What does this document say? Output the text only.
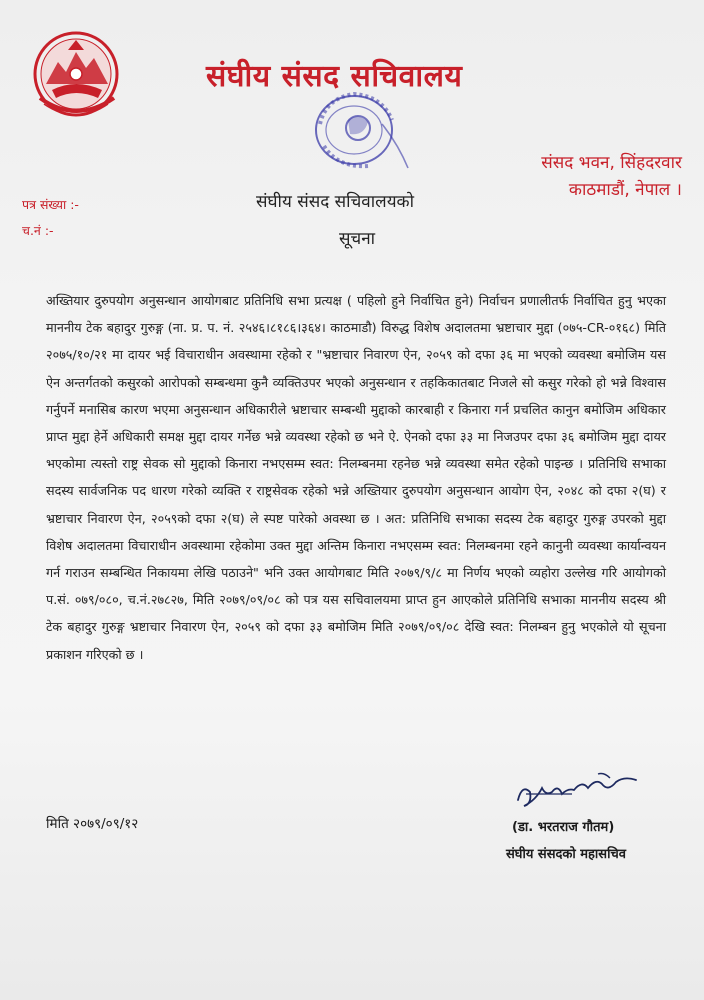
संघीय संसद सचिवालय
संसद भवन, सिंहदरवार
काठमाडौं, नेपाल ।
पत्र संख्या :-
च.नं :-
संघीय संसद सचिवालयको
सूचना

अख्तियार दुरुपयोग अनुसन्धान आयोगबाट प्रतिनिधि सभा प्रत्यक्ष ( पहिलो हुने निर्वाचित हुने) निर्वाचन प्रणालीतर्फ निर्वाचित हुनु भएका माननीय टेक बहादुर गुरुङ्ग (ना. प्र. प. नं. २५४६।८१८६।३६४। काठमाडौ) विरुद्ध विशेष अदालतमा भ्रष्टाचार मुद्दा (०७५-CR-०१६८) मिति २०७५/१०/२१ मा दायर भई विचाराधीन अवस्थामा रहेको र "भ्रष्टाचार निवारण ऐन, २०५९ को दफा ३६ मा भएको व्यवस्था बमोजिम यस ऐन अन्तर्गतको कसुरको आरोपको सम्बन्धमा कुनै व्यक्तिउपर भएको अनुसन्धान र तहकिकातबाट निजले सो कसुर गरेको हो भन्ने विश्वास गर्नुपर्ने मनासिब कारण भएमा अनुसन्धान अधिकारीले भ्रष्टाचार सम्बन्धी मुद्दाको कारबाही र किनारा गर्न प्रचलित कानुन बमोजिम अधिकार प्राप्त मुद्दा हेर्ने अधिकारी समक्ष मुद्दा दायर गर्नेछ भन्ने व्यवस्था रहेको छ भने ऐ. ऐनको दफा ३३ मा निजउपर दफा ३६ बमोजिम मुद्दा दायर भएकोमा त्यस्तो राष्ट्र सेवक सो मुद्दाको किनारा नभएसम्म स्वत: निलम्बनमा रहनेछ भन्ने व्यवस्था समेत रहेको पाइन्छ । प्रतिनिधि सभाका सदस्य सार्वजनिक पद धारण गरेको व्यक्ति र राष्ट्रसेवक रहेको भन्ने अख्तियार दुरुपयोग अनुसन्धान आयोग ऐन, २०४८ को दफा २(घ) र भ्रष्टाचार निवारण ऐन, २०५९को दफा २(घ) ले स्पष्ट पारेको अवस्था छ । अत: प्रतिनिधि सभाका सदस्य टेक बहादुर गुरुङ्ग उपरको मुद्दा विशेष अदालतमा विचाराधीन अवस्थामा रहेकोमा उक्त मुद्दा अन्तिम किनारा नभएसम्म स्वत: निलम्बनमा रहने कानुनी व्यवस्था कार्यान्वयन गर्न गराउन सम्बन्धित निकायमा लेखि पठाउने" भनि उक्त आयोगबाट मिति २०७९/९/८ मा निर्णय भएको व्यहोरा उल्लेख गरि आयोगको प.सं. ०७९/०८०, च.नं.२७८२७, मिति २०७९/०९/०८ को पत्र यस सचिवालयमा प्राप्त हुन आएकोले प्रतिनिधि सभाका माननीय सदस्य श्री टेक बहादुर गुरुङ्ग भ्रष्टाचार निवारण ऐन, २०५९ को दफा ३३ बमोजिम मिति २०७९/०९/०८ देखि स्वत: निलम्बन हुनु भएकोले यो सूचना प्रकाशन गरिएको छ ।

मिति २०७९/०९/१२	(डा. भरतराज गौतम)
संघीय संसदको महासचिव
